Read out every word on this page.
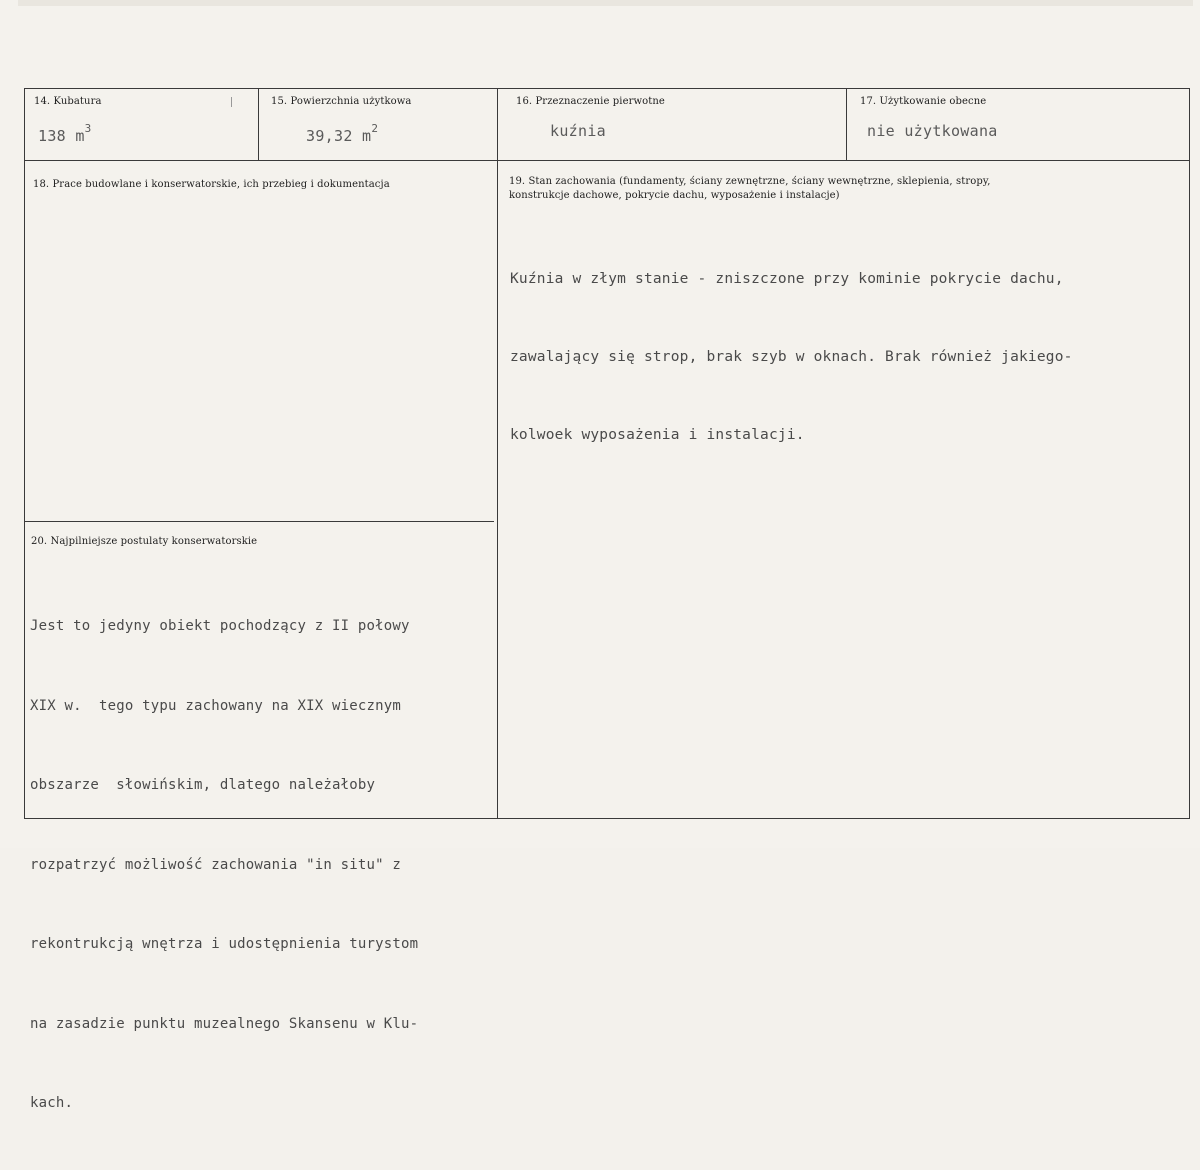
14. Kubatura
138 $m^3$
15. Powierzchnia użytkowa
39,32 $m^2$
16. Przeznaczenie pierwotne
kuźnia
17. Użytkowanie obecne
nie użytkowana
18. Prace budowlane i konserwatorskie, ich przebieg i dokumentacja	19. Stan zachowania (fundamenty, ściany zewnętrzne, ściany wewnętrzne, sklepienia, stropy,
konstrukcje dachowe, pokrycie dachu, wyposażenie i instalacje)

Kuźnia w złym stanie - zniszczone przy kominie pokrycie dachu,

zawalający się strop, brak szyb w oknach. Brak również jakiego-

kolwoek wyposażenia i instalacji.

20. Najpilniejsze postulaty konserwatorskie

Jest to jedyny obiekt pochodzący z II połowy

XIX w.  tego typu zachowany na XIX wiecznym

obszarze  słowińskim, dlatego należałoby

rozpatrzyć możliwość zachowania "in situ" z

rekontrukcją wnętrza i udostępnienia turystom

na zasadzie punktu muzealnego Skansenu w Klu-

kach.
